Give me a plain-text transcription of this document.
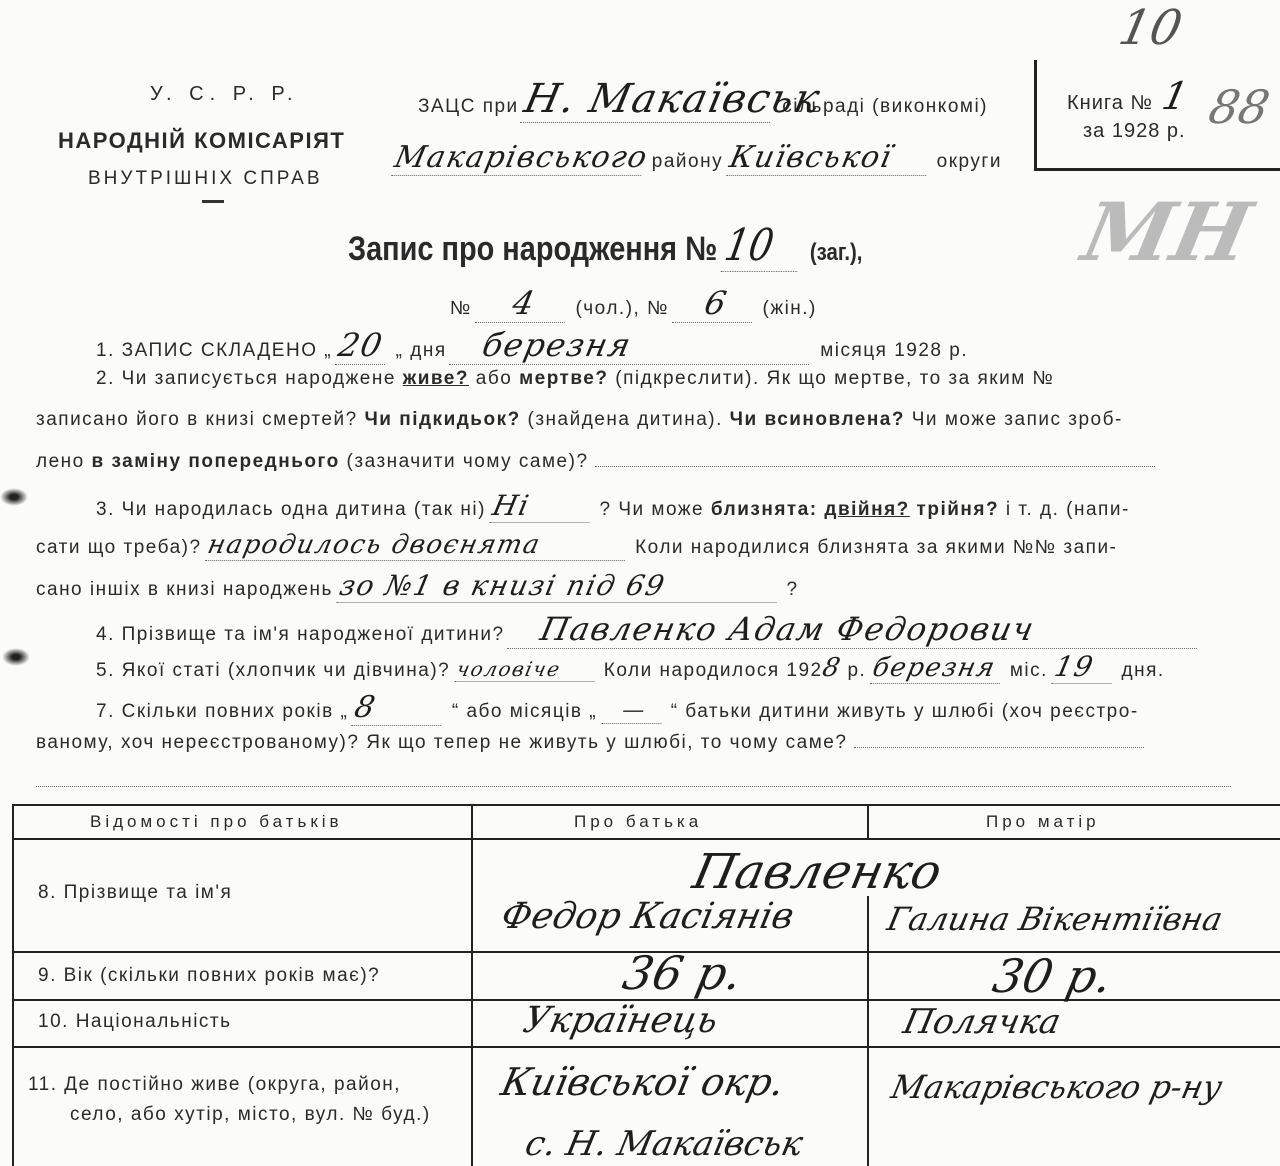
У. С. Р. Р.
НАРОДНІЙ КОМІСАРІЯТ
ВНУТРІШНІХ СПРАВ
ЗАЦС при Н. Макаївськ сільраді (виконкомі)
Макарівського району Київської округи
Книга № 1
за 1928 р.
10
88
МН
Запис про народження № 10 (заг.),
№ 4 (чол.), № 6 (жін.)
1. ЗАПИС СКЛАДЕНО „ 20 „ дня березня	місяця 1928 р.
2. Чи записується народжене живе? або мертве? (підкреслити). Як що мертве, то за яким №
записано його в книзі смертей? Чи підкидьок? (знайдена дитина). Чи всиновлена? Чи може запис зроб-
лено в заміну попереднього (зазначити чому саме)?
3. Чи народилась одна дитина (так ні) Ні	? Чи може близнята: двійня? трійня? і т. д. (напи-
сати що треба)? народилось двоєнята	Коли народилися близнята за якими №№ запи-
сано іншіх в книзі народжень зо №1 в книзі під 69	?
4. Прізвище та ім'я народженої дитини? Павленко Адам Федорович
5. Якої статі (хлопчик чи дівчина)? чоловіче Коли народилося 1928 р. березня міс. 19 дня.
7. Скільки повних років „ 8	“ або місяців „ — “ батьки дитини живуть у шлюбі (хоч реєстро-
ваному, хоч нереєстрованому)? Як що тепер не живуть у шлюбі, то чому саме?
Відомості про батьків	Про батька	Про матір
8. Прізвище та ім'я	Павленко
Федор Касіянів	Галина Вікентіївна
9. Вік (скільки повних років має)?	36 р.	30 р.
10. Національність	Українець	Полячка
11. Де постійно живе (округа, район,
село, або хутір, місто, вул. № буд.)
Київської окр.	Макарівського р-ну
с. Н. Макаївськ
